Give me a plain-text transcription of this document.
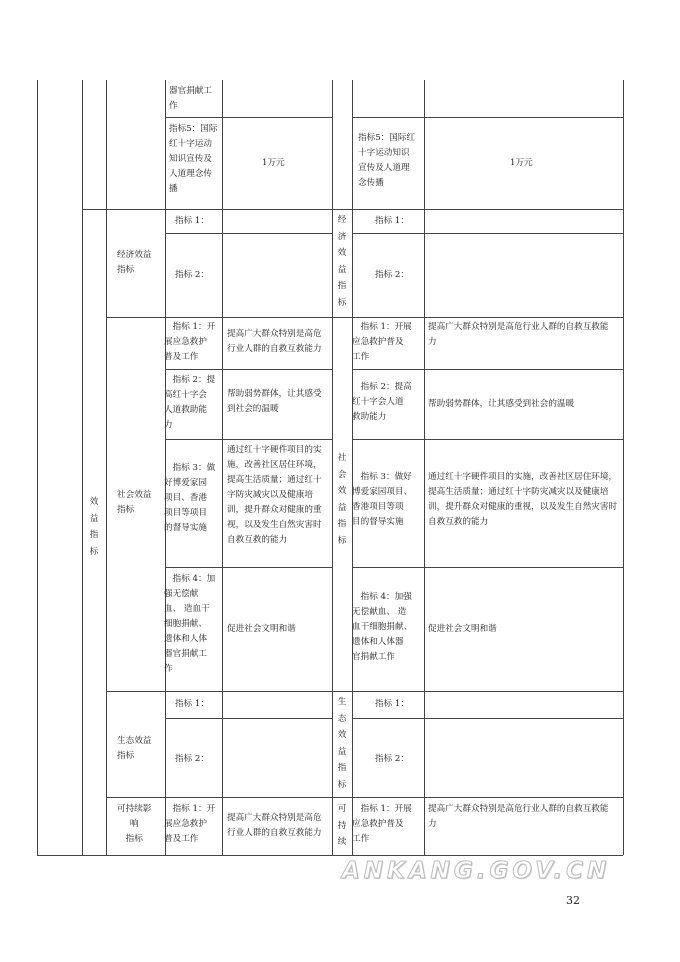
器官捐献工
作
指标5：国际
红十字运动
知识宣传及
人道理念传
播
1万元
指标5：国际红
十字运动知识
宣传及人道理
念传播
1万元
效益指标
经济效益
指标
指标 1：
指标 2：
经济效益指标
指标 1：
指标 2：
社会效益
指标
社会效益指标
　指标 1：开
展应急救护
普及工作
提高广大群众特别是高危
行业人群的自救互救能力
　指标 1：开展
应急救护普及
工作
提高广大群众特别是高危行业人群的自救互救能
力
　指标 2：提
高红十字会
人道救助能
力
帮助弱势群体，让其感受
到社会的温暖
　指标 2：提高
红十字会人道
救助能力
帮助弱势群体，让其感受到社会的温暖
　指标 3：做
好博爱家园
项目、香港
项目等项目
的督导实施
通过红十字硬件项目的实
施，改善社区居住环境，
提高生活质量；通过红十
字防灾减灾以及健康培
训，提升群众对健康的重
视，以及发生自然灾害时
自救互救的能力
　指标 3：做好
博爱家园项目、
香港项目等项
目的督导实施
通过红十字硬件项目的实施，改善社区居住环境，
提高生活质量；通过红十字防灾减灾以及健康培
训，提升群众对健康的重视，以及发生自然灾害时
自救互救的能力
　指标 4：加
强无偿献
血、 造血干
细胞捐献、
遗体和人体
器官捐献工
作
促进社会文明和谐
　指标 4：加强
无偿献血、 造
血干细胞捐献、
遗体和人体器
官捐献工作
促进社会文明和谐
生态效益
指标
指标 1：
指标 2：
生态效益指标
指标 1：
指标 2：
可持续影
响
指标
　指标 1：开
展应急救护
普及工作
提高广大群众特别是高危
行业人群的自救互救能力
可持续
　指标 1：开展
应急救护普及
工作
提高广大群众特别是高危行业人群的自救互救能
力
ANKANG.GOV.CN
32
